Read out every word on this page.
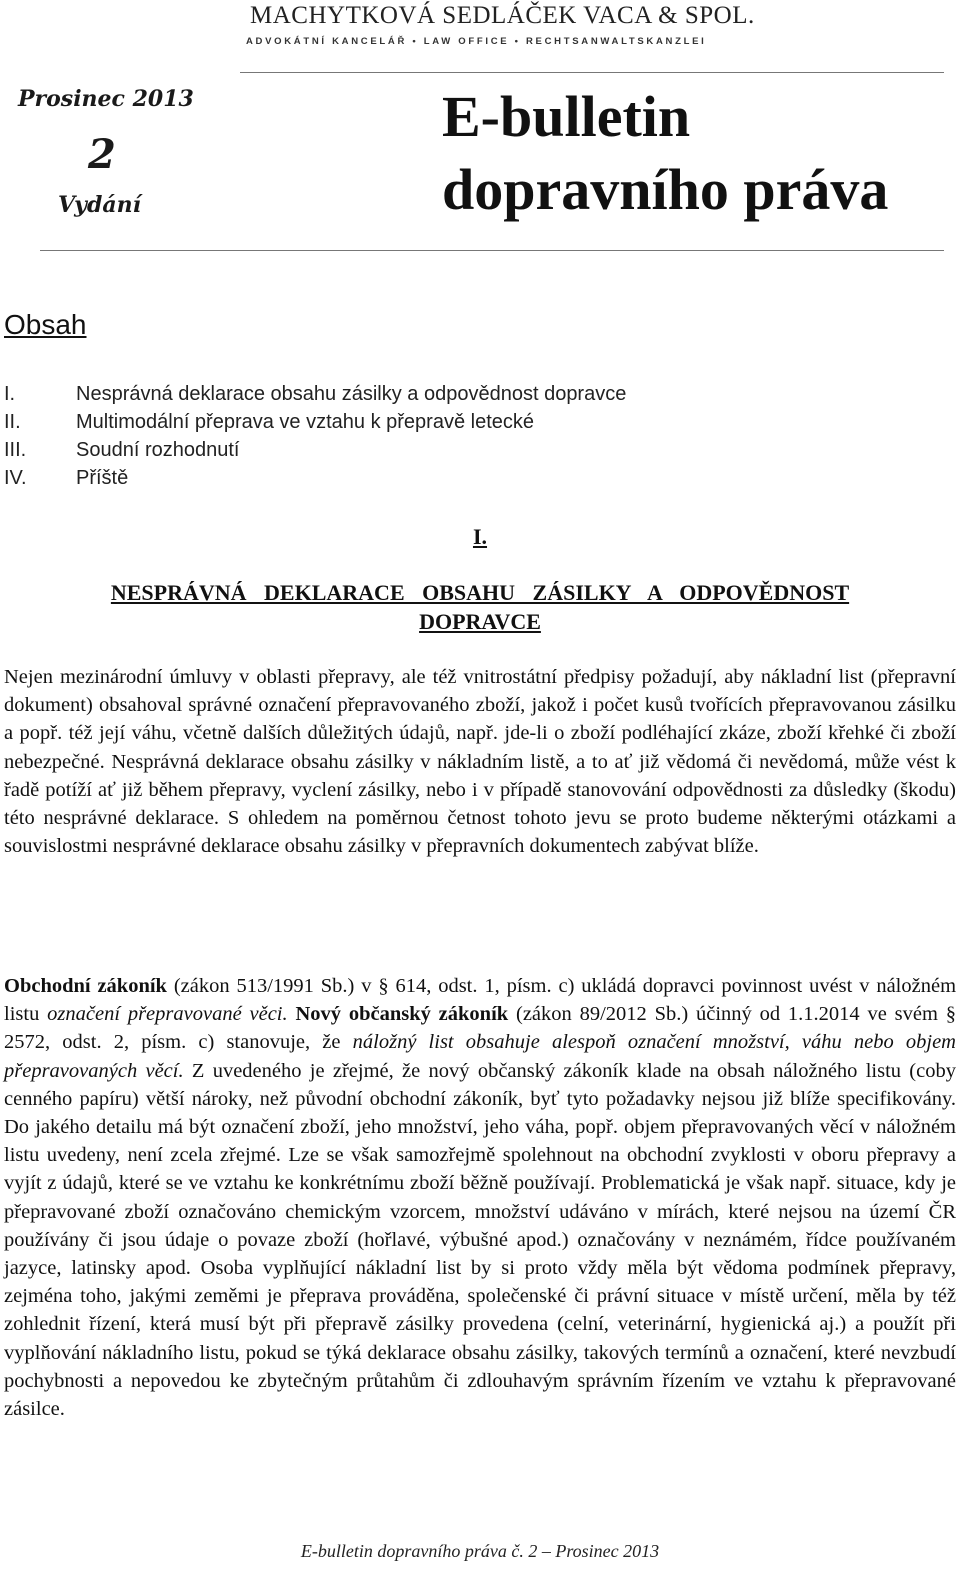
MACHYTKOVÁ SEDLÁČEK VACA & SPOL.
ADVOKÁTNÍ KANCELÁŘ • LAW OFFICE • RECHTSANWALTSKANZLEI
Prosinec 2013
2
Vydání
E-bulletin
dopravního práva
Obsah
I.	Nesprávná deklarace obsahu zásilky a odpovědnost dopravce
II.	Multimodální přeprava ve vztahu k přepravě letecké
III. Soudní rozhodnutí
IV. Příště
I.
NESPRÁVNÁ DEKLARACE OBSAHU ZÁSILKY A ODPOVĚDNOST DOPRAVCE
Nejen mezinárodní úmluvy v oblasti přepravy, ale též vnitrostátní předpisy požadují, aby nákladní list (přepravní dokument) obsahoval správné označení přepravovaného zboží, jakož i počet kusů tvořících přepravovanou zásilku a popř. též její váhu, včetně dalších důležitých údajů, např. jde-li o zboží podléhající zkáze, zboží křehké či zboží nebezpečné. Nesprávná deklarace obsahu zásilky v nákladním listě, a to ať již vědomá či nevědomá, může vést k řadě potíží ať již během přepravy, vyclení zásilky, nebo i v případě stanovování odpovědnosti za důsledky (škodu) této nesprávné deklarace. S ohledem na poměrnou četnost tohoto jevu se proto budeme některými otázkami a souvislostmi nesprávné deklarace obsahu zásilky v přepravních dokumentech zabývat blíže.
Obchodní zákoník (zákon 513/1991 Sb.) v § 614, odst. 1, písm. c) ukládá dopravci povinnost uvést v náložném listu označení přepravované věci. Nový občanský zákoník (zákon 89/2012 Sb.) účinný od 1.1.2014 ve svém § 2572, odst. 2, písm. c) stanovuje, že náložný list obsahuje alespoň označení množství, váhu nebo objem přepravovaných věcí. Z uvedeného je zřejmé, že nový občanský zákoník klade na obsah náložného listu (coby cenného papíru) větší nároky, než původní obchodní zákoník, byť tyto požadavky nejsou již blíže specifikovány. Do jakého detailu má být označení zboží, jeho množství, jeho váha, popř. objem přepravovaných věcí v náložném listu uvedeny, není zcela zřejmé. Lze se však samozřejmě spolehnout na obchodní zvyklosti v oboru přepravy a vyjít z údajů, které se ve vztahu ke konkrétnímu zboží běžně používají. Problematická je však např. situace, kdy je přepravované zboží označováno chemickým vzorcem, množství udáváno v mírách, které nejsou na území ČR používány či jsou údaje o povaze zboží (hořlavé, výbušné apod.) označovány v neznámém, řídce používaném jazyce, latinsky apod. Osoba vyplňující nákladní list by si proto vždy měla být vědoma podmínek přepravy, zejména toho, jakými zeměmi je přeprava prováděna, společenské či právní situace v místě určení, měla by též zohlednit řízení, která musí být při přepravě zásilky provedena (celní, veterinární, hygienická aj.) a použít při vyplňování nákladního listu, pokud se týká deklarace obsahu zásilky, takových termínů a označení, které nevzbudí pochybnosti a nepovedou ke zbytečným průtahům či zdlouhavým správním řízením ve vztahu k přepravované zásilce.
E-bulletin dopravního práva č. 2 – Prosinec 2013
